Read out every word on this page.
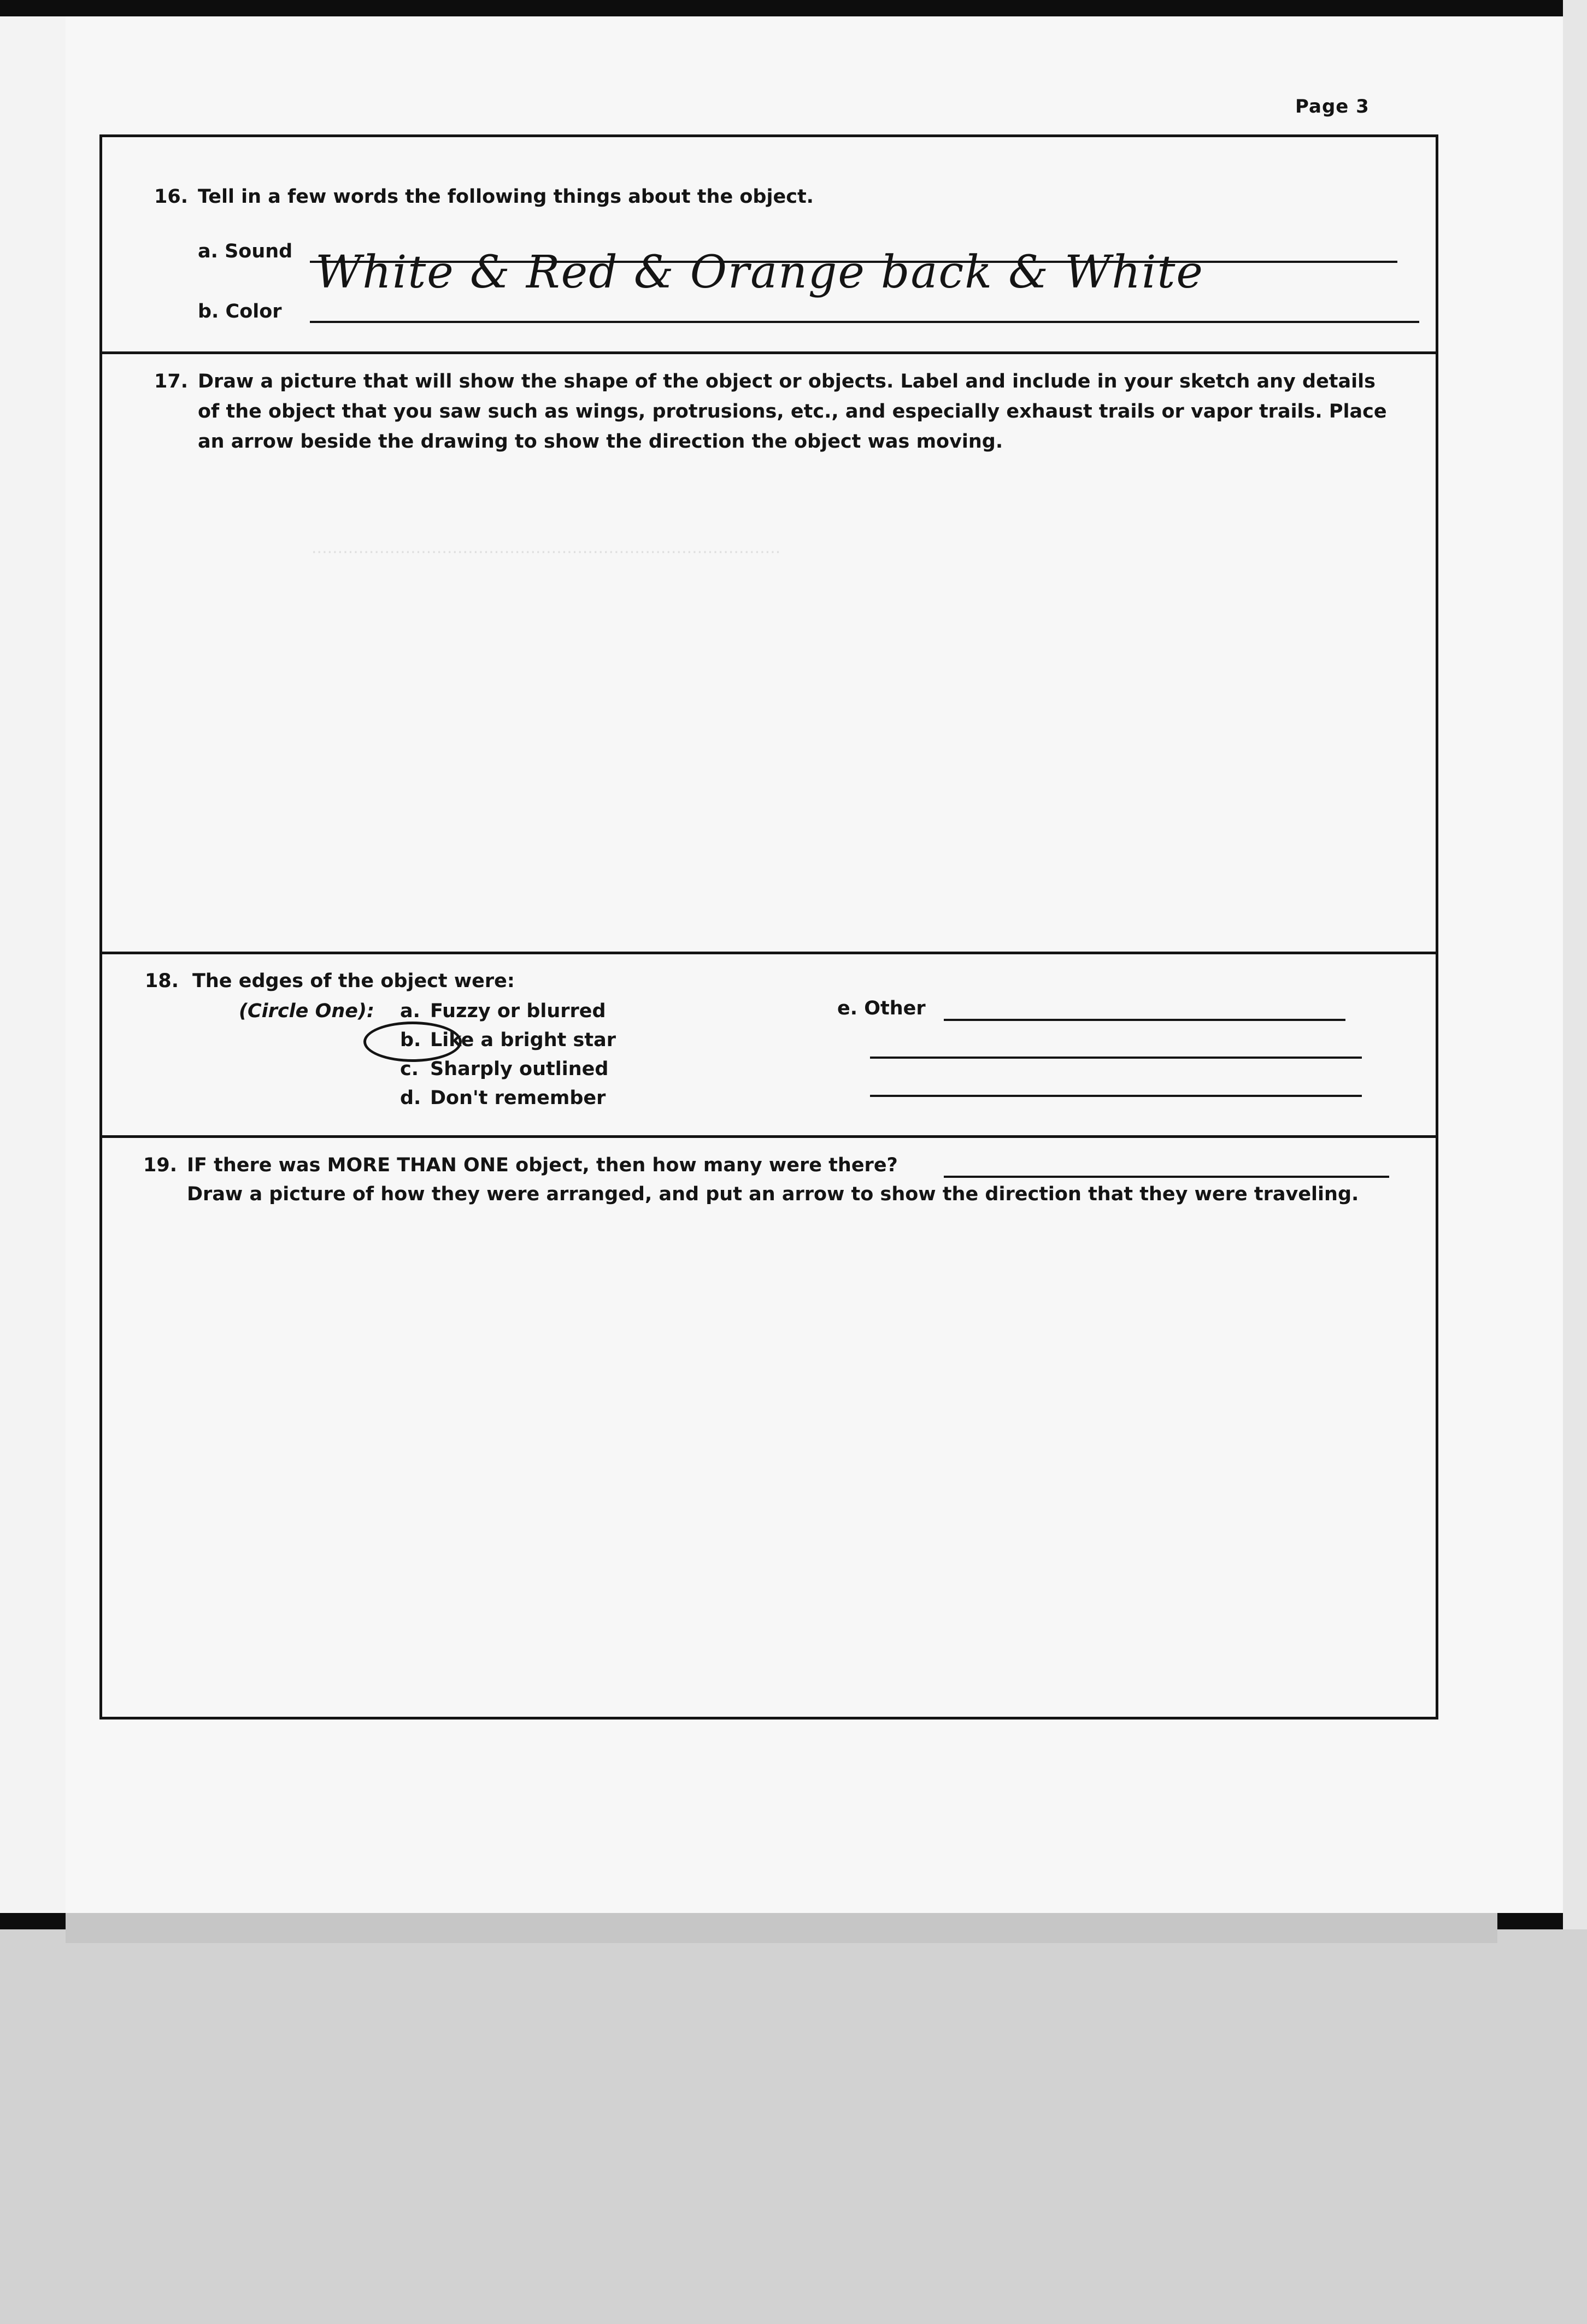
..........................................................................................
Page 3
16. Tell in a few words the following things about the object.
a. Sound
b. Color
White & Red & Orange back & White
17. Draw a picture that will show the shape of the object or objects. Label and include in your sketch any details
of the object that you saw such as wings, protrusions, etc., and especially exhaust trails or vapor trails. Place
an arrow beside the drawing to show the direction the object was moving.
18. The edges of the object were:
(Circle One): a. Fuzzy or blurred
b. Like a bright star
c. Sharply outlined
d. Don't remember
e. Other
19. IF there was MORE THAN ONE object, then how many were there?
Draw a picture of how they were arranged, and put an arrow to show the direction that they were traveling.
